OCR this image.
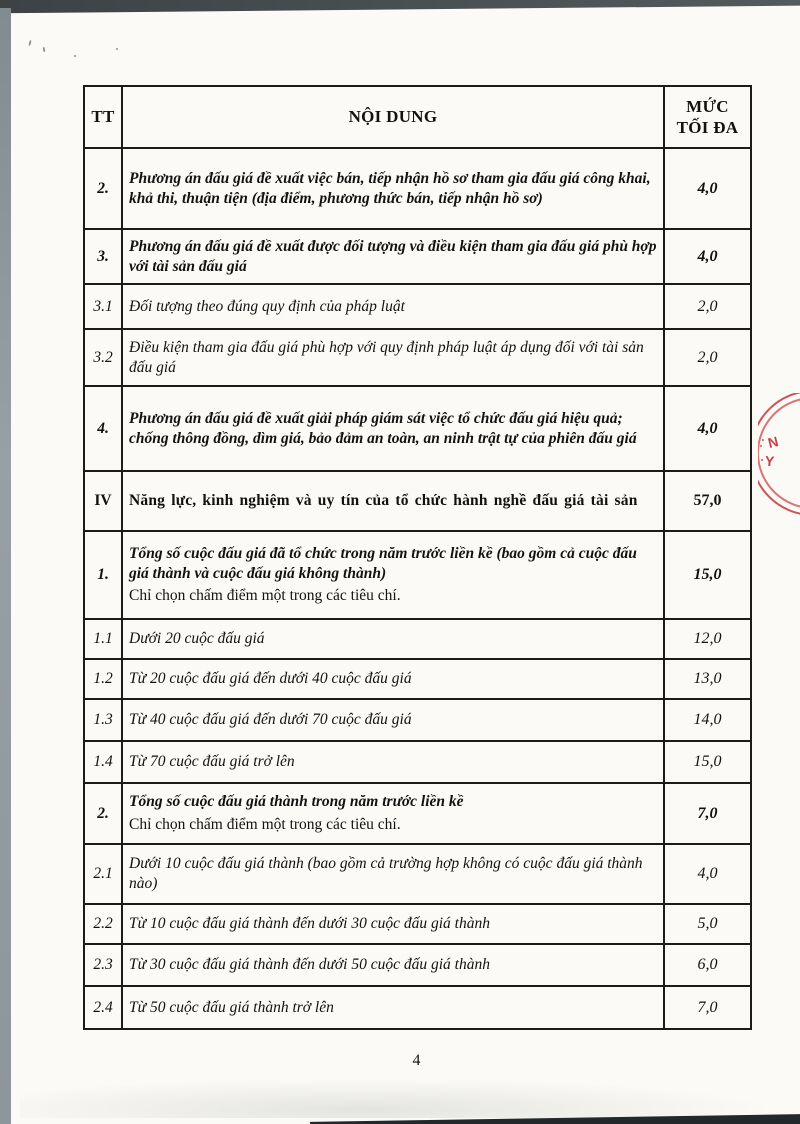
TT	NỘI DUNG	MỨC
TỐI ĐA

2.	Phương án đấu giá đề xuất việc bán, tiếp nhận hồ sơ tham gia đấu giá công khai, khả thi, thuận tiện (địa điểm, phương thức bán, tiếp nhận hồ sơ)	4,0
3.	Phương án đấu giá đề xuất được đối tượng và điều kiện tham gia đấu giá phù hợp với tài sản đấu giá	4,0
3.1	Đối tượng theo đúng quy định của pháp luật	2,0
3.2	Điều kiện tham gia đấu giá phù hợp với quy định pháp luật áp dụng đối với tài sản đấu giá	2,0
4.	Phương án đấu giá đề xuất giải pháp giám sát việc tổ chức đấu giá hiệu quả; chống thông đồng, dìm giá, bảo đảm an toàn, an ninh trật tự của phiên đấu giá	4,0
IV	Năng lực, kinh nghiệm và uy tín của tổ chức hành nghề đấu giá tài sản	57,0
1.	Tổng số cuộc đấu giá đã tổ chức trong năm trước liền kề (bao gồm cả cuộc đấu giá thành và cuộc đấu giá không thành)
Chỉ chọn chấm điểm một trong các tiêu chí.	15,0
1.1	Dưới 20 cuộc đấu giá	12,0
1.2	Từ 20 cuộc đấu giá đến dưới 40 cuộc đấu giá	13,0
1.3	Từ 40 cuộc đấu giá đến dưới 70 cuộc đấu giá	14,0
1.4	Từ 70 cuộc đấu giá trở lên	15,0
2.	Tổng số cuộc đấu giá thành trong năm trước liền kề
Chỉ chọn chấm điểm một trong các tiêu chí.	7,0
2.1	Dưới 10 cuộc đấu giá thành (bao gồm cả trường hợp không có cuộc đấu giá thành nào)	4,0
2.2	Từ 10 cuộc đấu giá thành đến dưới 30 cuộc đấu giá thành	5,0
2.3	Từ 30 cuộc đấu giá thành đến dưới 50 cuộc đấu giá thành	6,0
2.4	Từ 50 cuộc đấu giá thành trở lên	7,0
4
N
Y
